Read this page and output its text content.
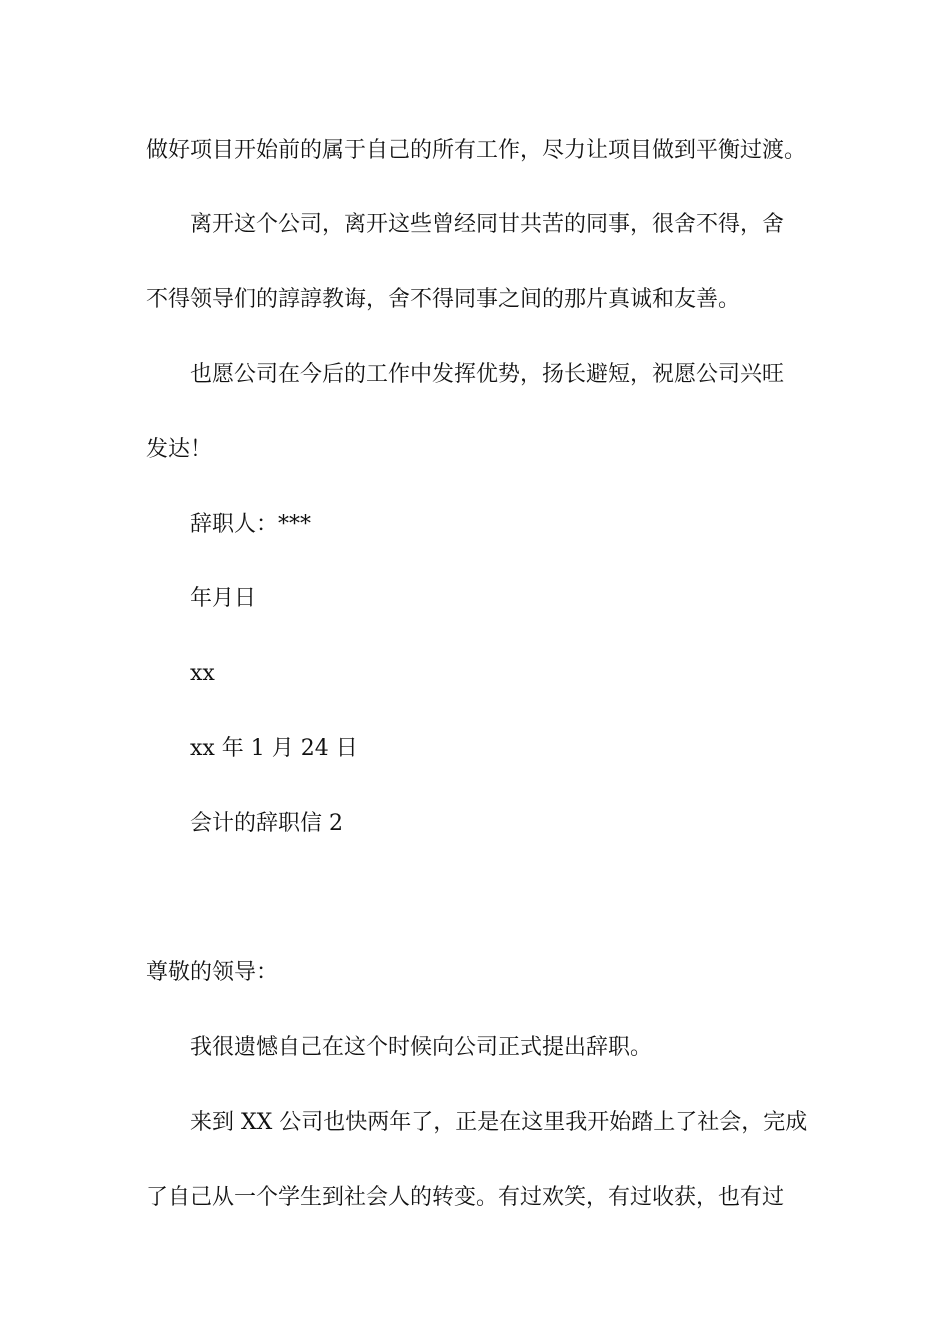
做好项目开始前的属于自己的所有工作，尽力让项目做到平衡过渡。
离开这个公司，离开这些曾经同甘共苦的同事，很舍不得，舍
不得领导们的諄諄教诲，舍不得同事之间的那片真诚和友善。
也愿公司在今后的工作中发挥优势，扬长避短，祝愿公司兴旺
发达！
辞职人：***
年月日
xx
xx 年 1 月 24 日
会计的辞职信 2
尊敬的领导：
我很遗憾自己在这个时候向公司正式提出辞职。
来到 XX 公司也快两年了，正是在这里我开始踏上了社会，完成
了自己从一个学生到社会人的转变。有过欢笑，有过收获，也有过
